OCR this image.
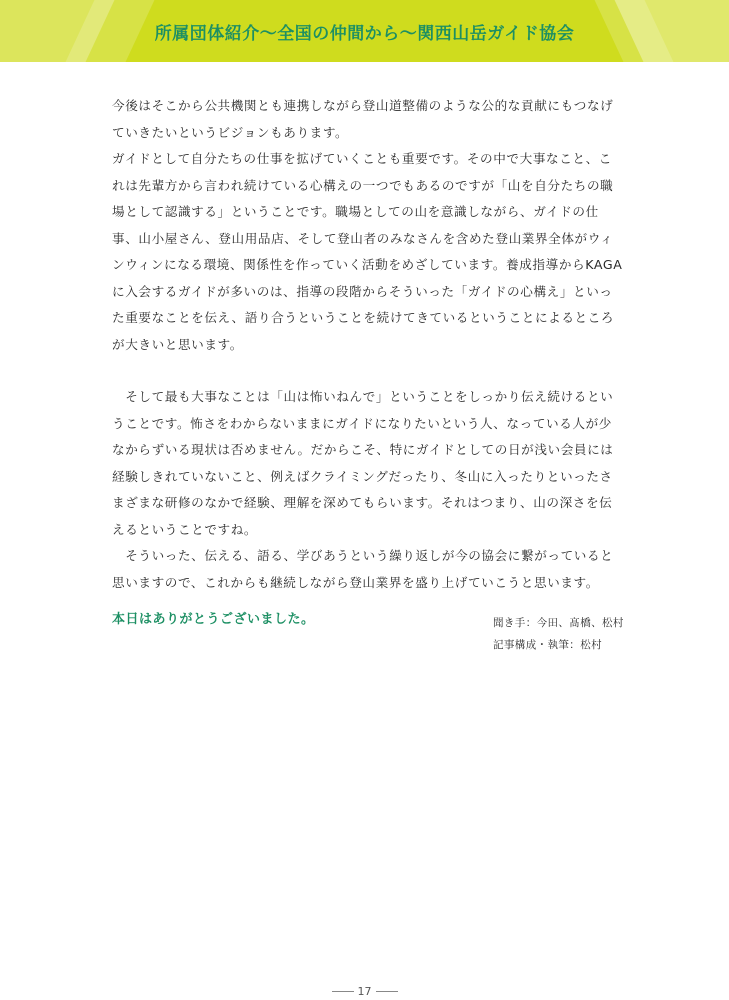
所属団体紹介〜全国の仲間から〜関西山岳ガイド協会

今後はそこから公共機関とも連携しながら登山道整備のような公的な貢献にもつなげ
ていきたいというビジョンもあります。
ガイドとして自分たちの仕事を拡げていくことも重要です。その中で大事なこと、こ
れは先輩方から言われ続けている心構えの一つでもあるのですが「山を自分たちの職
場として認識する」ということです。職場としての山を意識しながら、ガイドの仕
事、山小屋さん、登山用品店、そして登山者のみなさんを含めた登山業界全体がウィ
ンウィンになる環境、関係性を作っていく活動をめざしています。養成指導からKAGA
に入会するガイドが多いのは、指導の段階からそういった「ガイドの心構え」といっ
た重要なことを伝え、語り合うということを続けてきているということによるところ
が大きいと思います。

　そして最も大事なことは「山は怖いねんで」ということをしっかり伝え続けるとい
うことです。怖さをわからないままにガイドになりたいという人、なっている人が少
なからずいる現状は否めません。だからこそ、特にガイドとしての日が浅い会員には
経験しきれていないこと、例えばクライミングだったり、冬山に入ったりといったさ
まざまな研修のなかで経験、理解を深めてもらいます。それはつまり、山の深さを伝
えるということですね。
　そういった、伝える、語る、学びあうという繰り返しが今の協会に繋がっていると
思いますので、これからも継続しながら登山業界を盛り上げていこうと思います。

本日はありがとうございました。	聞き手：今田、髙橋、松村
記事構成・執筆：松村
17
